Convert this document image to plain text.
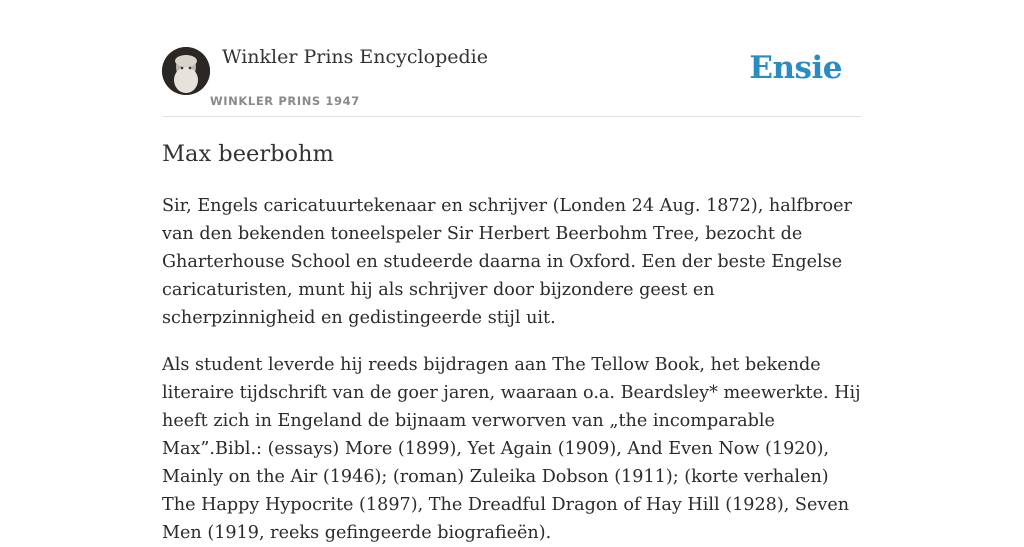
Winkler Prins Encyclopedie
WINKLER PRINS 1947
Ensie
Max beerbohm

Sir, Engels caricatuurtekenaar en schrijver (Londen 24 Aug. 1872), halfbroer van den bekenden toneelspeler Sir Herbert Beerbohm Tree, bezocht de Gharterhouse School en studeerde daarna in Oxford. Een der beste Engelse caricaturisten, munt hij als schrijver door bijzondere geest en scherpzinnigheid en gedistingeerde stijl uit.

Als student leverde hij reeds bijdragen aan The Tellow Book, het bekende literaire tijdschrift van de goer jaren, waaraan o.a. Beardsley* meewerkte. Hij heeft zich in Engeland de bijnaam verworven van „the incomparable Max”.Bibl.: (essays) More (1899), Yet Again (1909), And Even Now (1920), Mainly on the Air (1946); (roman) Zuleika Dobson (1911); (korte verhalen) The Happy Hypocrite (1897), The Dreadful Dragon of Hay Hill (1928), Seven Men (1919, reeks gefingeerde biografieën).
